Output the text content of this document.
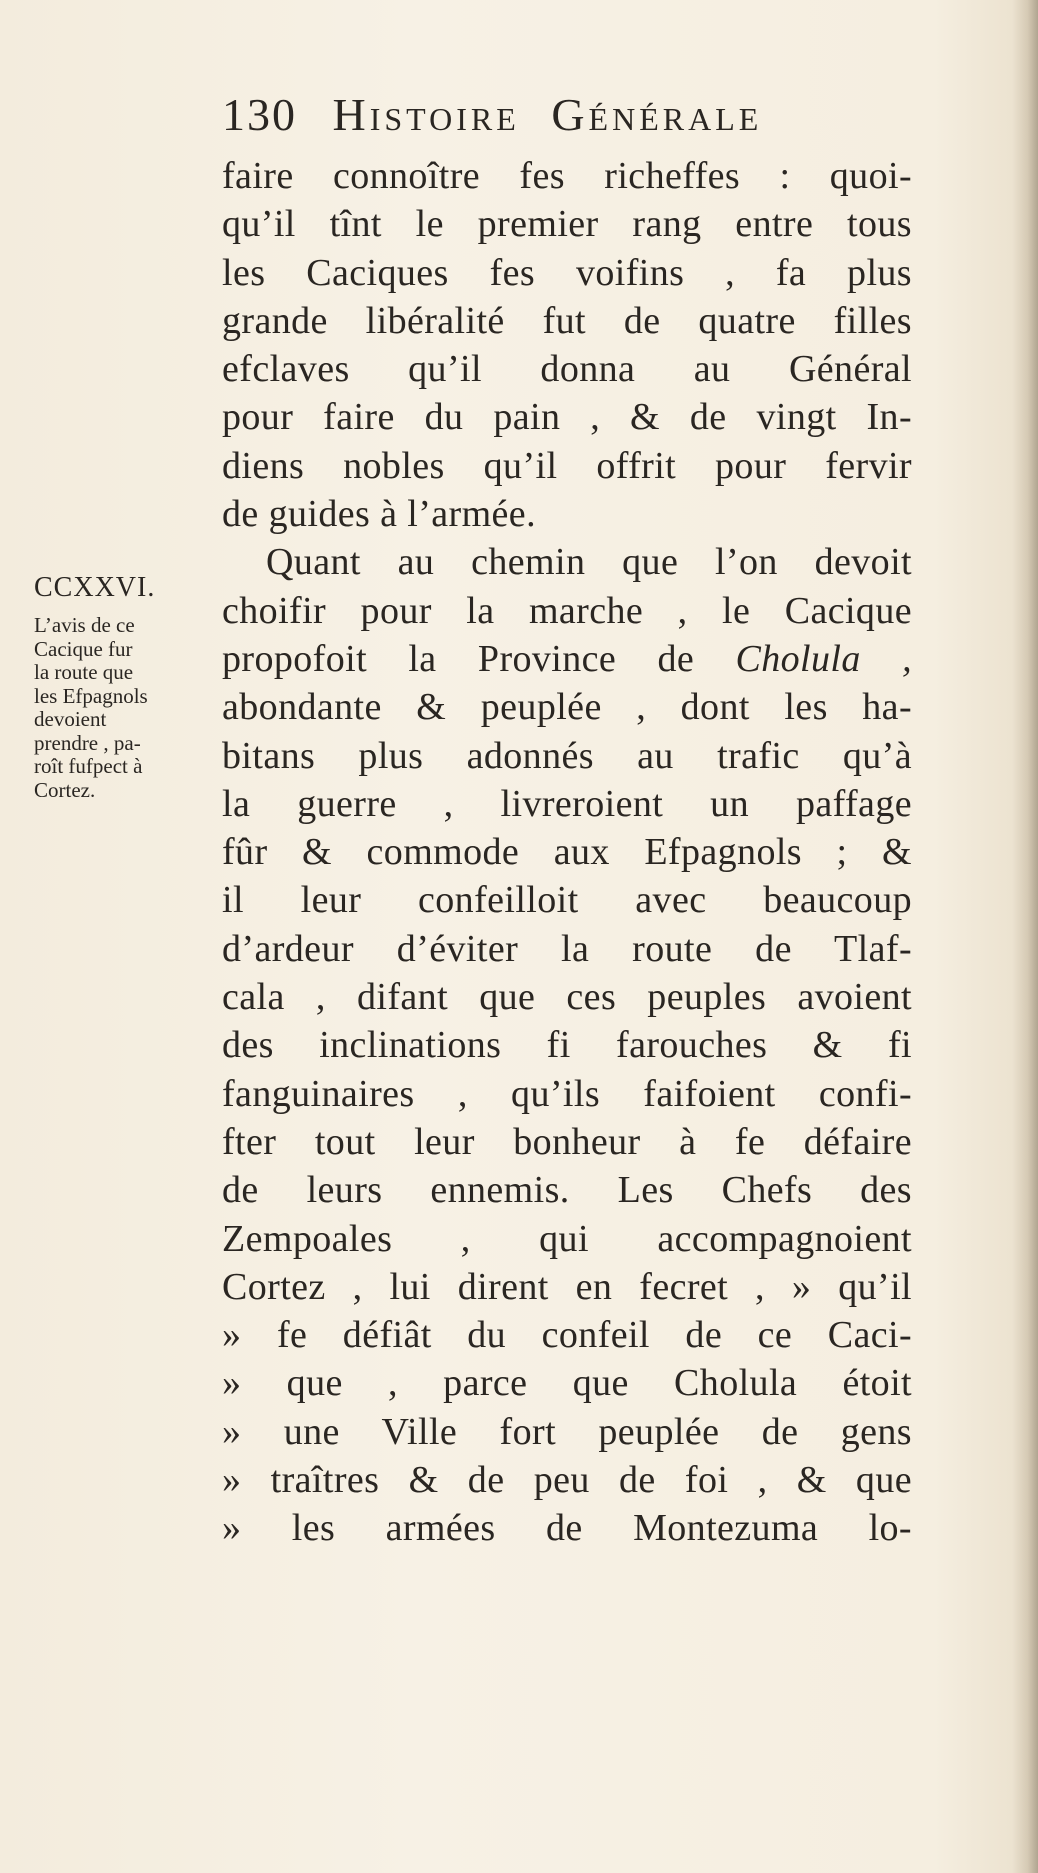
130 Histoire Générale
CCXXVI.
L’avis de ce
Cacique fur
la route que
les Efpagnols
devoient
prendre , pa-
roît fufpect à
Cortez.
faire connoître fes richeffes : quoi-
qu’il tînt le premier rang entre tous
les Caciques fes voifins , fa plus
grande libéralité fut de quatre filles
efclaves qu’il donna au Général
pour faire du pain , & de vingt In-
diens nobles qu’il offrit pour fervir
de guides à l’armée.
Quant au chemin que l’on devoit
choifir pour la marche , le Cacique
propofoit la Province de Cholula ,
abondante & peuplée , dont les ha-
bitans plus adonnés au trafic qu’à
la guerre , livreroient un paffage
fûr & commode aux Efpagnols ; &
il leur confeilloit avec beaucoup
d’ardeur d’éviter la route de Tlaf-
cala , difant que ces peuples avoient
des inclinations fi farouches & fi
fanguinaires , qu’ils faifoient confi-
fter tout leur bonheur à fe défaire
de leurs ennemis. Les Chefs des
Zempoales , qui accompagnoient
Cortez , lui dirent en fecret , » qu’il
» fe défiât du confeil de ce Caci-
» que , parce que Cholula étoit
» une Ville fort peuplée de gens
» traîtres & de peu de foi , & que
» les armées de Montezuma lo-
